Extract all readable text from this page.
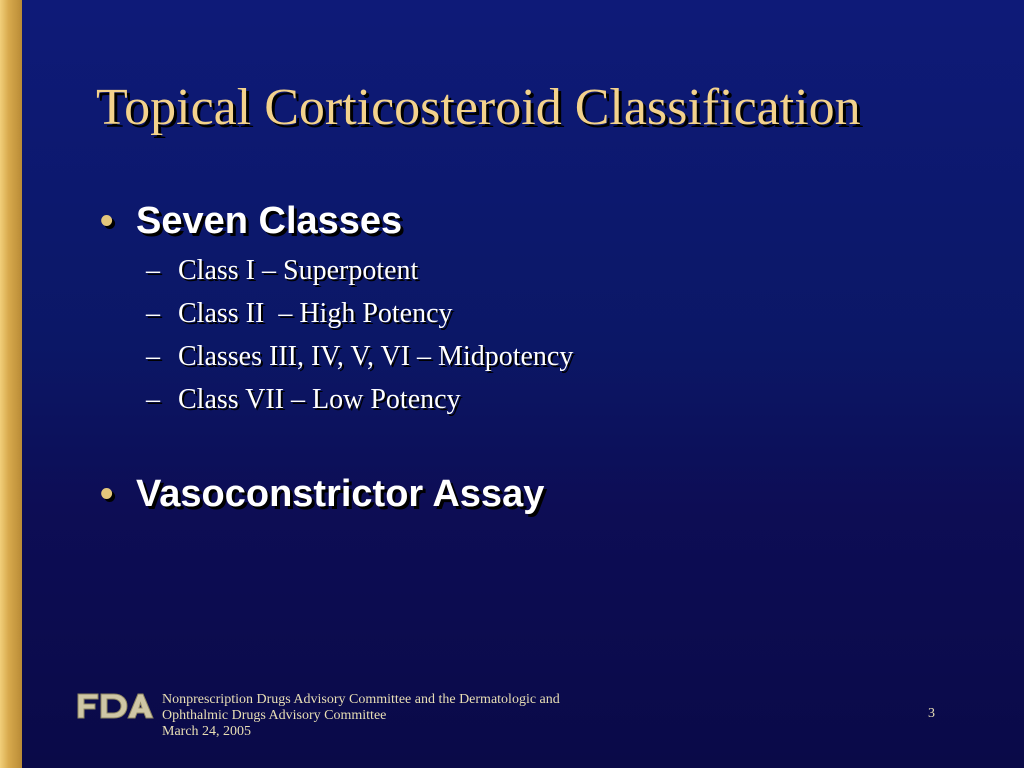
Topical Corticosteroid Classification
• Seven Classes
– Class I – Superpotent
– Class II  – High Potency
– Classes III, IV, V, VI – Midpotency
– Class VII – Low Potency
• Vasoconstrictor Assay
Nonprescription Drugs Advisory Committee and the Dermatologic and
Ophthalmic Drugs Advisory Committee
March 24, 2005
3
